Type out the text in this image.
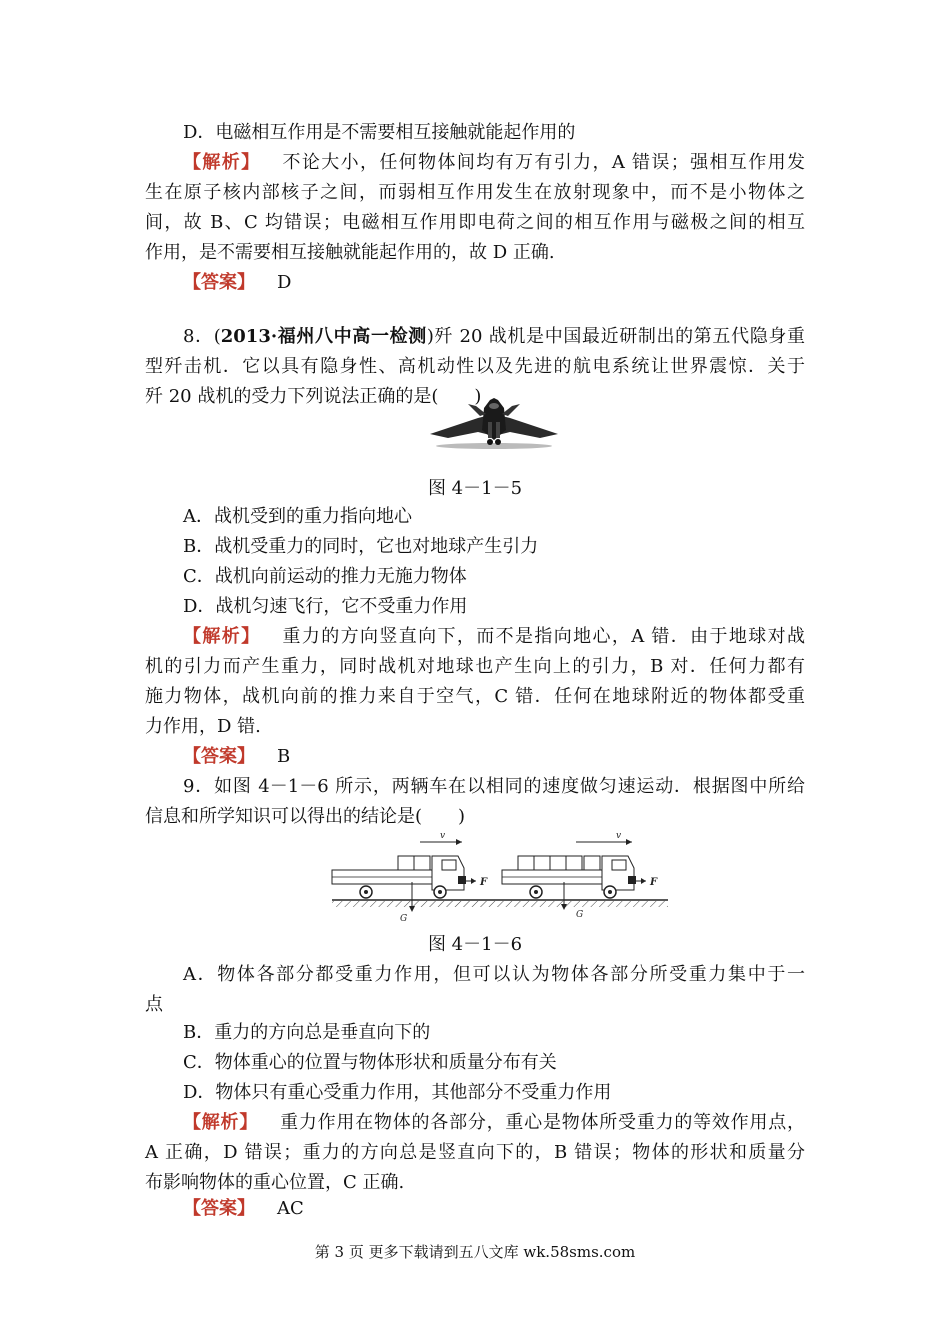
D．电磁相互作用是不需要相互接触就能起作用的
【解析】 不论大小，任何物体间均有万有引力，A 错误；强相互作用发
生在原子核内部核子之间，而弱相互作用发生在放射现象中，而不是小物体之
间，故 B、C 均错误；电磁相互作用即电荷之间的相互作用与磁极之间的相互
作用，是不需要相互接触就能起作用的，故 D 正确.
【答案】 D
8．(2013·福州八中高一检测)歼 20 战机是中国最近研制出的第五代隐身重
型歼击机．它以具有隐身性、高机动性以及先进的航电系统让世界震惊．关于
歼 20 战机的受力下列说法正确的是(　　)
图 4－1－5
A．战机受到的重力指向地心
B．战机受重力的同时，它也对地球产生引力
C．战机向前运动的推力无施力物体
D．战机匀速飞行，它不受重力作用
【解析】 重力的方向竖直向下，而不是指向地心，A 错．由于地球对战
机的引力而产生重力，同时战机对地球也产生向上的引力，B 对．任何力都有
施力物体，战机向前的推力来自于空气，C 错．任何在地球附近的物体都受重
力作用，D 错.
【答案】 B
9．如图 4－1－6 所示，两辆车在以相同的速度做匀速运动．根据图中所给
信息和所学知识可以得出的结论是(　　)
v
F
G
v
F
G
图 4－1－6
A．物体各部分都受重力作用，但可以认为物体各部分所受重力集中于一
点
B．重力的方向总是垂直向下的
C．物体重心的位置与物体形状和质量分布有关
D．物体只有重心受重力作用，其他部分不受重力作用
【解析】 重力作用在物体的各部分，重心是物体所受重力的等效作用点，
A 正确，D 错误；重力的方向总是竖直向下的，B 错误；物体的形状和质量分
布影响物体的重心位置，C 正确.
【答案】 AC
第 3 页 更多下载请到五八文库 wk.58sms.com
